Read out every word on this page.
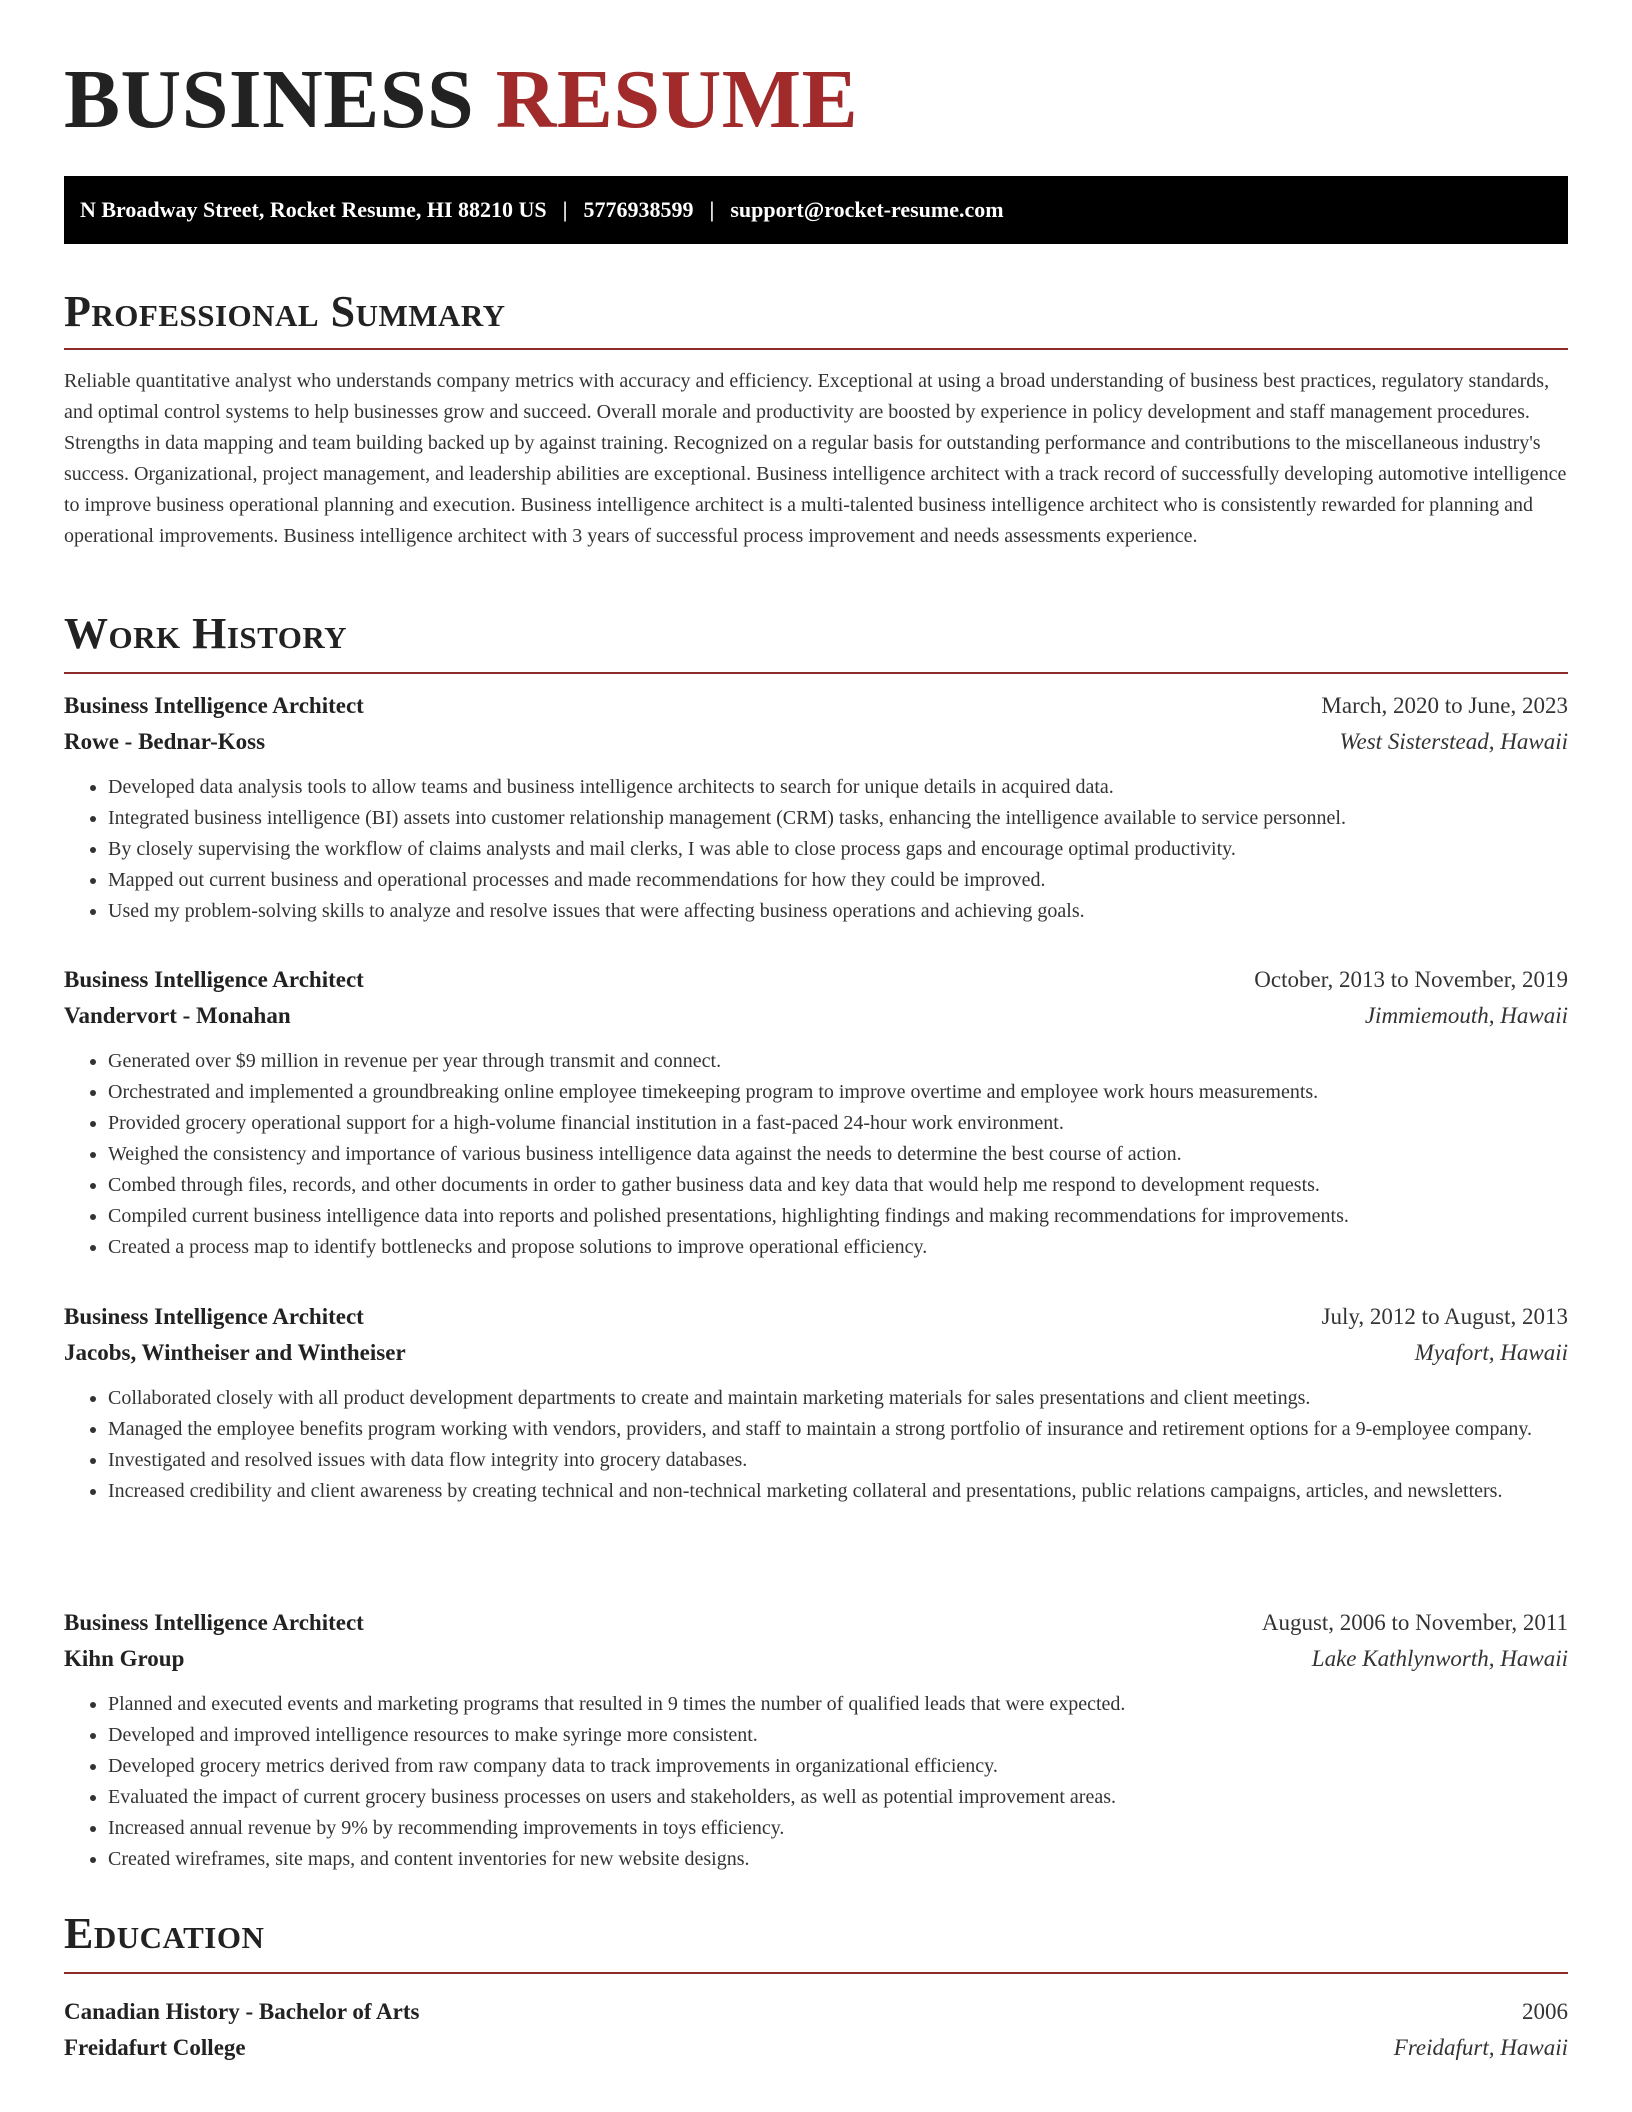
BUSINESS RESUME
N Broadway Street, Rocket Resume, HI 88210 US | 5776938599 | support@rocket-resume.com
Professional Summary

Reliable quantitative analyst who understands company metrics with accuracy and efficiency. Exceptional at using a broad understanding of business best practices, regulatory standards, and optimal control systems to help businesses grow and succeed. Overall morale and productivity are boosted by experience in policy development and staff management procedures. Strengths in data mapping and team building backed up by against training. Recognized on a regular basis for outstanding performance and contributions to the miscellaneous industry's success. Organizational, project management, and leadership abilities are exceptional. Business intelligence architect with a track record of successfully developing automotive intelligence to improve business operational planning and execution. Business intelligence architect is a multi-talented business intelligence architect who is consistently rewarded for planning and operational improvements. Business intelligence architect with 3 years of successful process improvement and needs assessments experience.

Work History
Business Intelligence Architect	March, 2020 to June, 2023
Rowe - Bednar-Koss	West Sisterstead, Hawaii
• Developed data analysis tools to allow teams and business intelligence architects to search for unique details in acquired data.
• Integrated business intelligence (BI) assets into customer relationship management (CRM) tasks, enhancing the intelligence available to service personnel.
• By closely supervising the workflow of claims analysts and mail clerks, I was able to close process gaps and encourage optimal productivity.
• Mapped out current business and operational processes and made recommendations for how they could be improved.
• Used my problem-solving skills to analyze and resolve issues that were affecting business operations and achieving goals.
Business Intelligence Architect	October, 2013 to November, 2019
Vandervort - Monahan	Jimmiemouth, Hawaii
• Generated over $9 million in revenue per year through transmit and connect.
• Orchestrated and implemented a groundbreaking online employee timekeeping program to improve overtime and employee work hours measurements.
• Provided grocery operational support for a high-volume financial institution in a fast-paced 24-hour work environment.
• Weighed the consistency and importance of various business intelligence data against the needs to determine the best course of action.
• Combed through files, records, and other documents in order to gather business data and key data that would help me respond to development requests.
• Compiled current business intelligence data into reports and polished presentations, highlighting findings and making recommendations for improvements.
• Created a process map to identify bottlenecks and propose solutions to improve operational efficiency.
Business Intelligence Architect	July, 2012 to August, 2013
Jacobs, Wintheiser and Wintheiser	Myafort, Hawaii
• Collaborated closely with all product development departments to create and maintain marketing materials for sales presentations and client meetings.
• Managed the employee benefits program working with vendors, providers, and staff to maintain a strong portfolio of insurance and retirement options for a 9-employee company.
• Investigated and resolved issues with data flow integrity into grocery databases.
• Increased credibility and client awareness by creating technical and non-technical marketing collateral and presentations, public relations campaigns, articles, and newsletters.
Business Intelligence Architect	August, 2006 to November, 2011
Kihn Group	Lake Kathlynworth, Hawaii
• Planned and executed events and marketing programs that resulted in 9 times the number of qualified leads that were expected.
• Developed and improved intelligence resources to make syringe more consistent.
• Developed grocery metrics derived from raw company data to track improvements in organizational efficiency.
• Evaluated the impact of current grocery business processes on users and stakeholders, as well as potential improvement areas.
• Increased annual revenue by 9% by recommending improvements in toys efficiency.
• Created wireframes, site maps, and content inventories for new website designs.
Education
Canadian History - Bachelor of Arts	2006
Freidafurt College	Freidafurt, Hawaii
